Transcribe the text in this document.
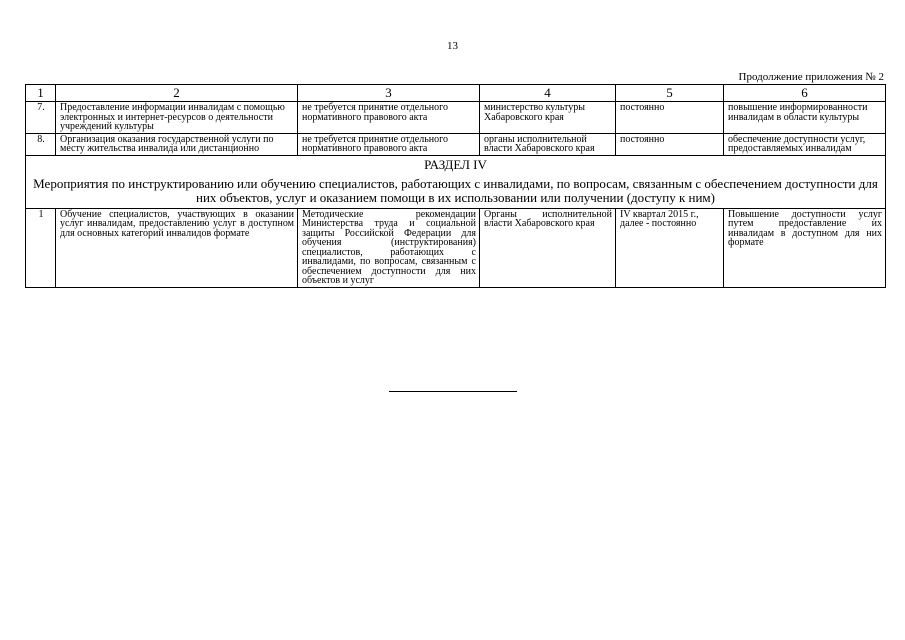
13
Продолжение приложения № 2
1	2	3	4	5	6
7.	Предоставление информации инвалидам с помощью электронных и интернет-ресурсов о деятельности учреждений культуры	не требуется принятие отдельного нормативного правового акта	министерство культуры Хабаровского края	постоянно	повышение информированности инвалидам в области культуры
8.	Организация оказания государственной услуги по месту жительства инвалида или дистанционно	не требуется принятие отдельного нормативного правового акта	органы исполнительной власти Хабаровского края	постоянно	обеспечение доступности услуг, предоставляемых инвалидам

РАЗДЕЛ IV
Мероприятия по инструктированию или обучению специалистов, работающих с инвалидами, по вопросам, связанным с обеспечением доступности для них объектов, услуг и оказанием помощи в их использовании или получении (доступу к ним)					

1	Обучение специалистов, участвующих в оказании услуг инвалидам, предоставлению услуг в доступном для основных категорий инвалидов формате	Методические рекомендации Министерства труда и социальной защиты Российской Федерации для обучения (инструктирования) специалистов, работающих с инвалидами, по вопросам, связанным с обеспечением доступности для них объектов и услуг	Органы исполнительной власти Хабаровского края	IV квартал 2015 г., далее - постоянно	Повышение доступности услуг путем предоставление их инвалидам в доступном для них формате
